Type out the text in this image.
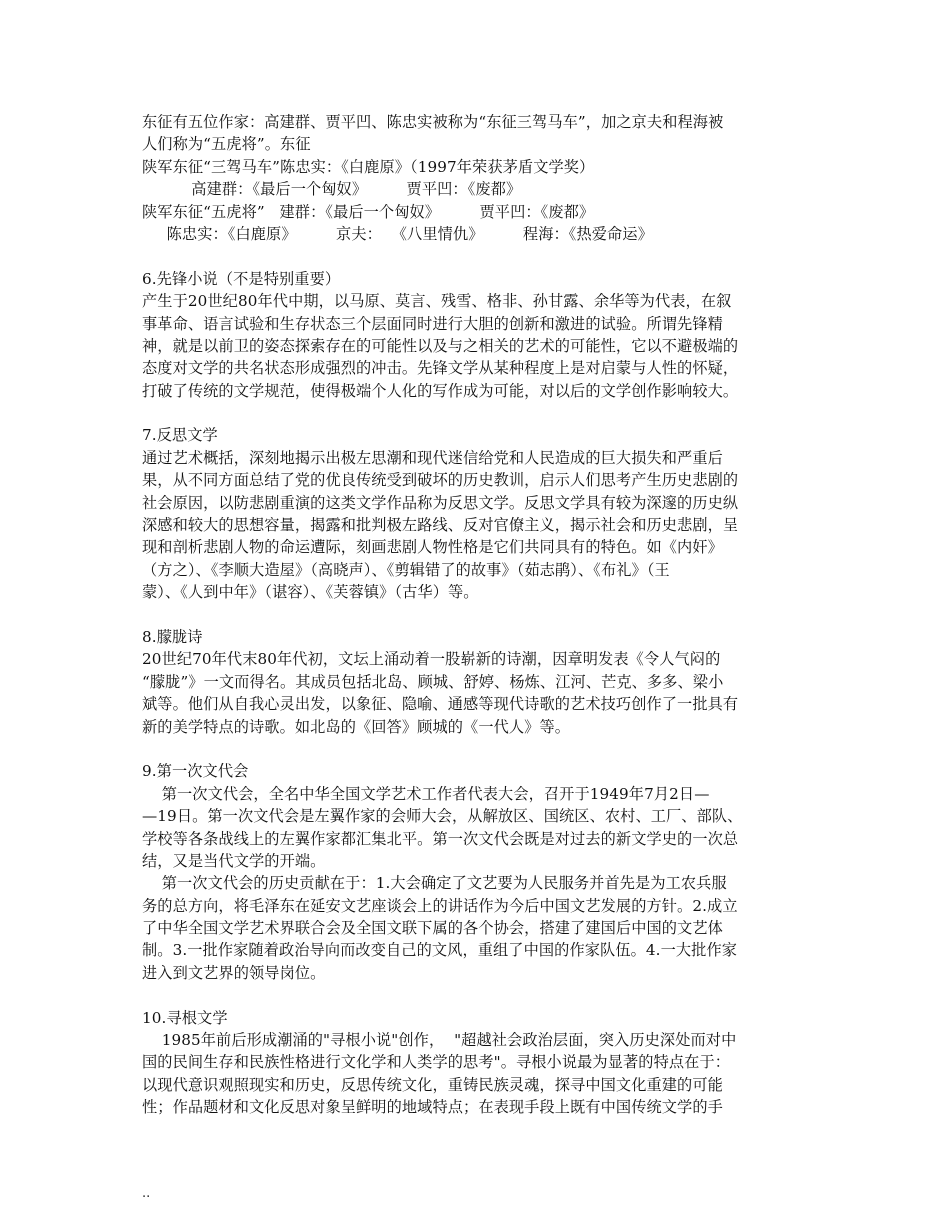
东征有五位作家：高建群、贾平凹、陈忠实被称为“东征三驾马车”，加之京夫和程海被
人们称为“五虎将”。东征
陕军东征“三驾马车”陈忠实：《白鹿原》（1997年荣获茅盾文学奖）
高建群：《最后一个匈奴》        贾平凹：《废都》
陕军东征“五虎将”   建群：《最后一个匈奴》        贾平凹：《废都》
陈忠实：《白鹿原》        京夫：  《八里情仇》        程海：《热爱命运》
6.先锋小说（不是特别重要）
产生于20世纪80年代中期，以马原、莫言、残雪、格非、孙甘露、余华等为代表，在叙
事革命、语言试验和生存状态三个层面同时进行大胆的创新和激进的试验。所谓先锋精
神，就是以前卫的姿态探索存在的可能性以及与之相关的艺术的可能性，它以不避极端的
态度对文学的共名状态形成强烈的冲击。先锋文学从某种程度上是对启蒙与人性的怀疑，
打破了传统的文学规范，使得极端个人化的写作成为可能，对以后的文学创作影响较大。
7.反思文学
通过艺术概括，深刻地揭示出极左思潮和现代迷信给党和人民造成的巨大损失和严重后
果，从不同方面总结了党的优良传统受到破坏的历史教训，启示人们思考产生历史悲剧的
社会原因，以防悲剧重演的这类文学作品称为反思文学。反思文学具有较为深邃的历史纵
深感和较大的思想容量，揭露和批判极左路线、反对官僚主义，揭示社会和历史悲剧，呈
现和剖析悲剧人物的命运遭际，刻画悲剧人物性格是它们共同具有的特色。如《内奸》
（方之）、《李顺大造屋》（高晓声）、《剪辑错了的故事》（茹志鹃）、《布礼》（王
蒙）、《人到中年》（谌容）、《芙蓉镇》（古华）等。
8.朦胧诗
20世纪70年代末80年代初，文坛上涌动着一股崭新的诗潮，因章明发表《令人气闷的
“朦胧”》一文而得名。其成员包括北岛、顾城、舒婷、杨炼、江河、芒克、多多、梁小
斌等。他们从自我心灵出发，以象征、隐喻、通感等现代诗歌的艺术技巧创作了一批具有
新的美学特点的诗歌。如北岛的《回答》顾城的《一代人》等。
9.第一次文代会
第一次文代会，全名中华全国文学艺术工作者代表大会，召开于1949年7月2日—
—19日。第一次文代会是左翼作家的会师大会，从解放区、国统区、农村、工厂、部队、
学校等各条战线上的左翼作家都汇集北平。第一次文代会既是对过去的新文学史的一次总
结，又是当代文学的开端。
第一次文代会的历史贡献在于：1.大会确定了文艺要为人民服务并首先是为工农兵服
务的总方向，将毛泽东在延安文艺座谈会上的讲话作为今后中国文艺发展的方针。2.成立
了中华全国文学艺术界联合会及全国文联下属的各个协会，搭建了建国后中国的文艺体
制。3.一批作家随着政治导向而改变自己的文风，重组了中国的作家队伍。4.一大批作家
进入到文艺界的领导岗位。
10.寻根文学
1985年前后形成潮涌的"寻根小说"创作，  "超越社会政治层面，突入历史深处而对中
国的民间生存和民族性格进行文化学和人类学的思考"。寻根小说最为显著的特点在于：
以现代意识观照现实和历史，反思传统文化，重铸民族灵魂，探寻中国文化重建的可能
性；作品题材和文化反思对象呈鲜明的地域特点；在表现手段上既有中国传统文学的手
..
